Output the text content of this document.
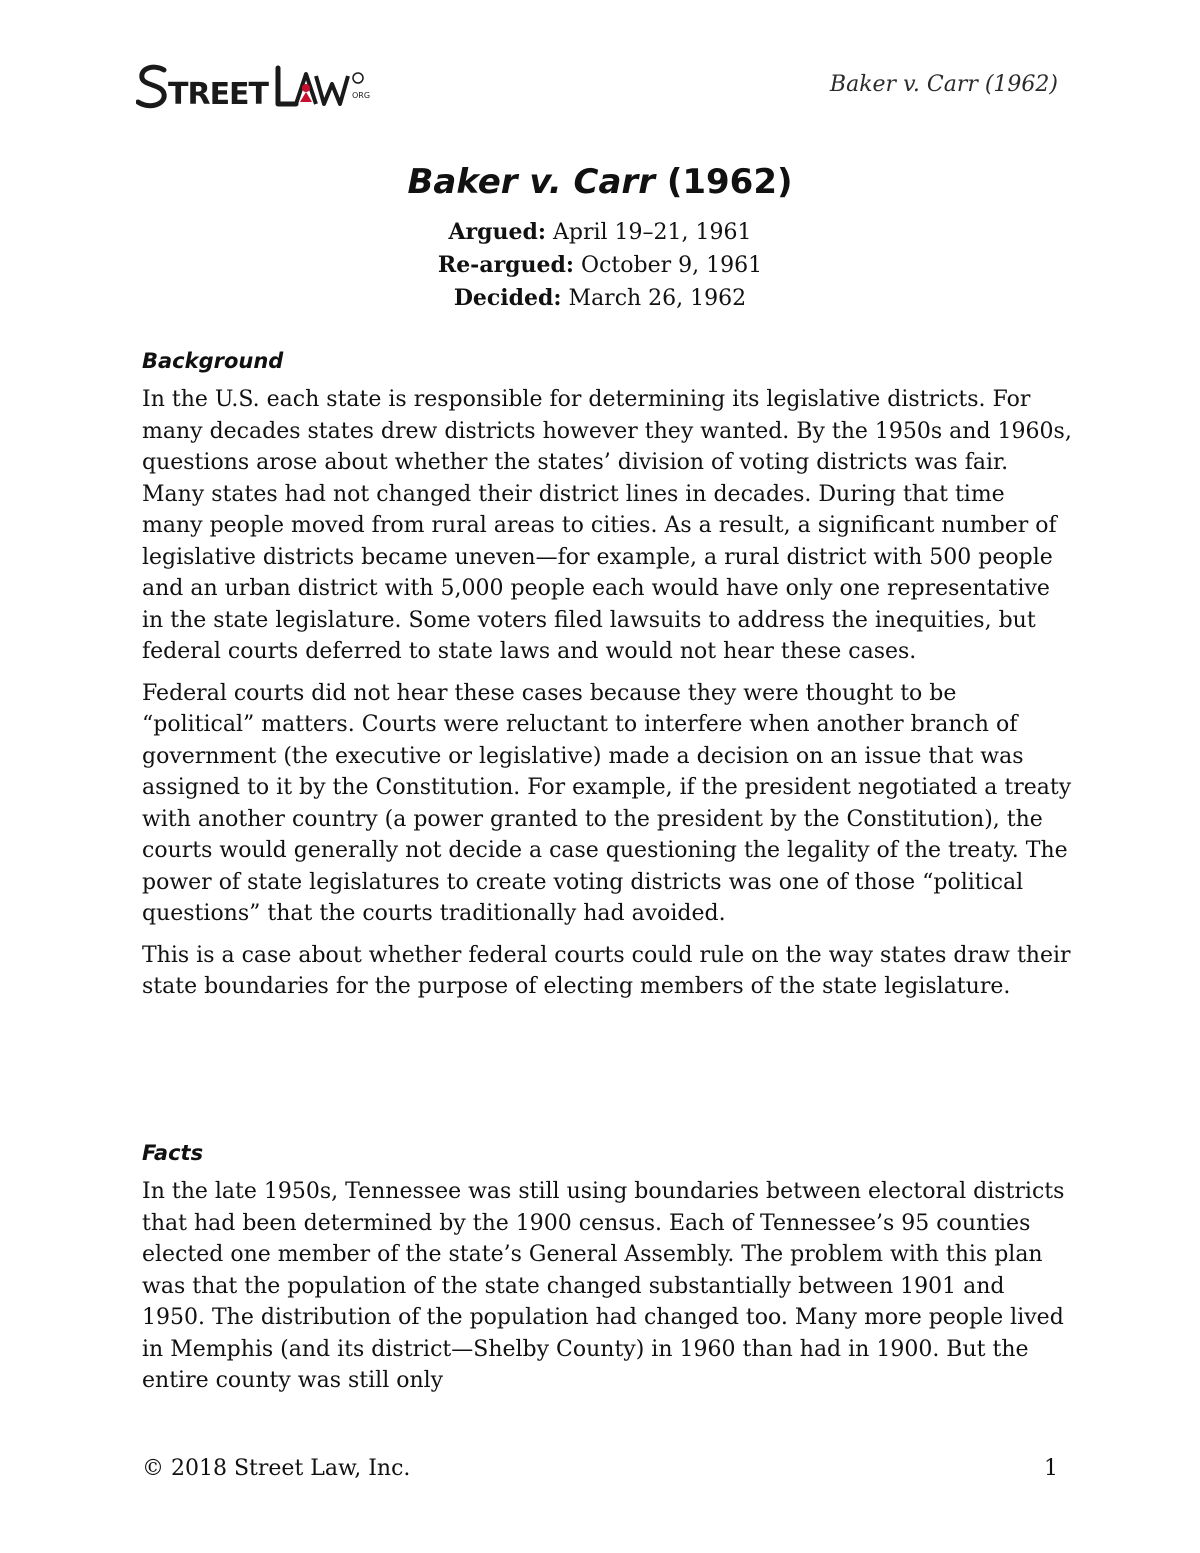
TREET	ORG	Baker v. Carr (1962)
Baker v. Carr (1962)
Argued: April 19–21, 1961
Re-argued: October 9, 1961
Decided: March 26, 1962
Background

In the U.S. each state is responsible for determining its legislative districts. For many decades states drew districts however they wanted. By the 1950s and 1960s, questions arose about whether the states’ division of voting districts was fair. Many states had not changed their district lines in decades. During that time many people moved from rural areas to cities. As a result, a significant number of legislative districts became uneven—for example, a rural district with 500 people and an urban district with 5,000 people each would have only one representative in the state legislature. Some voters filed lawsuits to address the inequities, but federal courts deferred to state laws and would not hear these cases.

Federal courts did not hear these cases because they were thought to be “political” matters. Courts were reluctant to interfere when another branch of government (the executive or legislative) made a decision on an issue that was assigned to it by the Constitution. For example, if the president negotiated a treaty with another country (a power granted to the president by the Constitution), the courts would generally not decide a case questioning the legality of the treaty. The power of state legislatures to create voting districts was one of those “political questions” that the courts traditionally had avoided.

This is a case about whether federal courts could rule on the way states draw their state boundaries for the purpose of electing members of the state legislature.

Facts

In the late 1950s, Tennessee was still using boundaries between electoral districts that had been determined by the 1900 census. Each of Tennessee’s 95 counties elected one member of the state’s General Assembly. The problem with this plan was that the population of the state changed substantially between 1901 and 1950. The distribution of the population had changed too. Many more people lived in Memphis (and its district—Shelby County) in 1960 than had in 1900. But the entire county was still only

© 2018 Street Law, Inc.	1
